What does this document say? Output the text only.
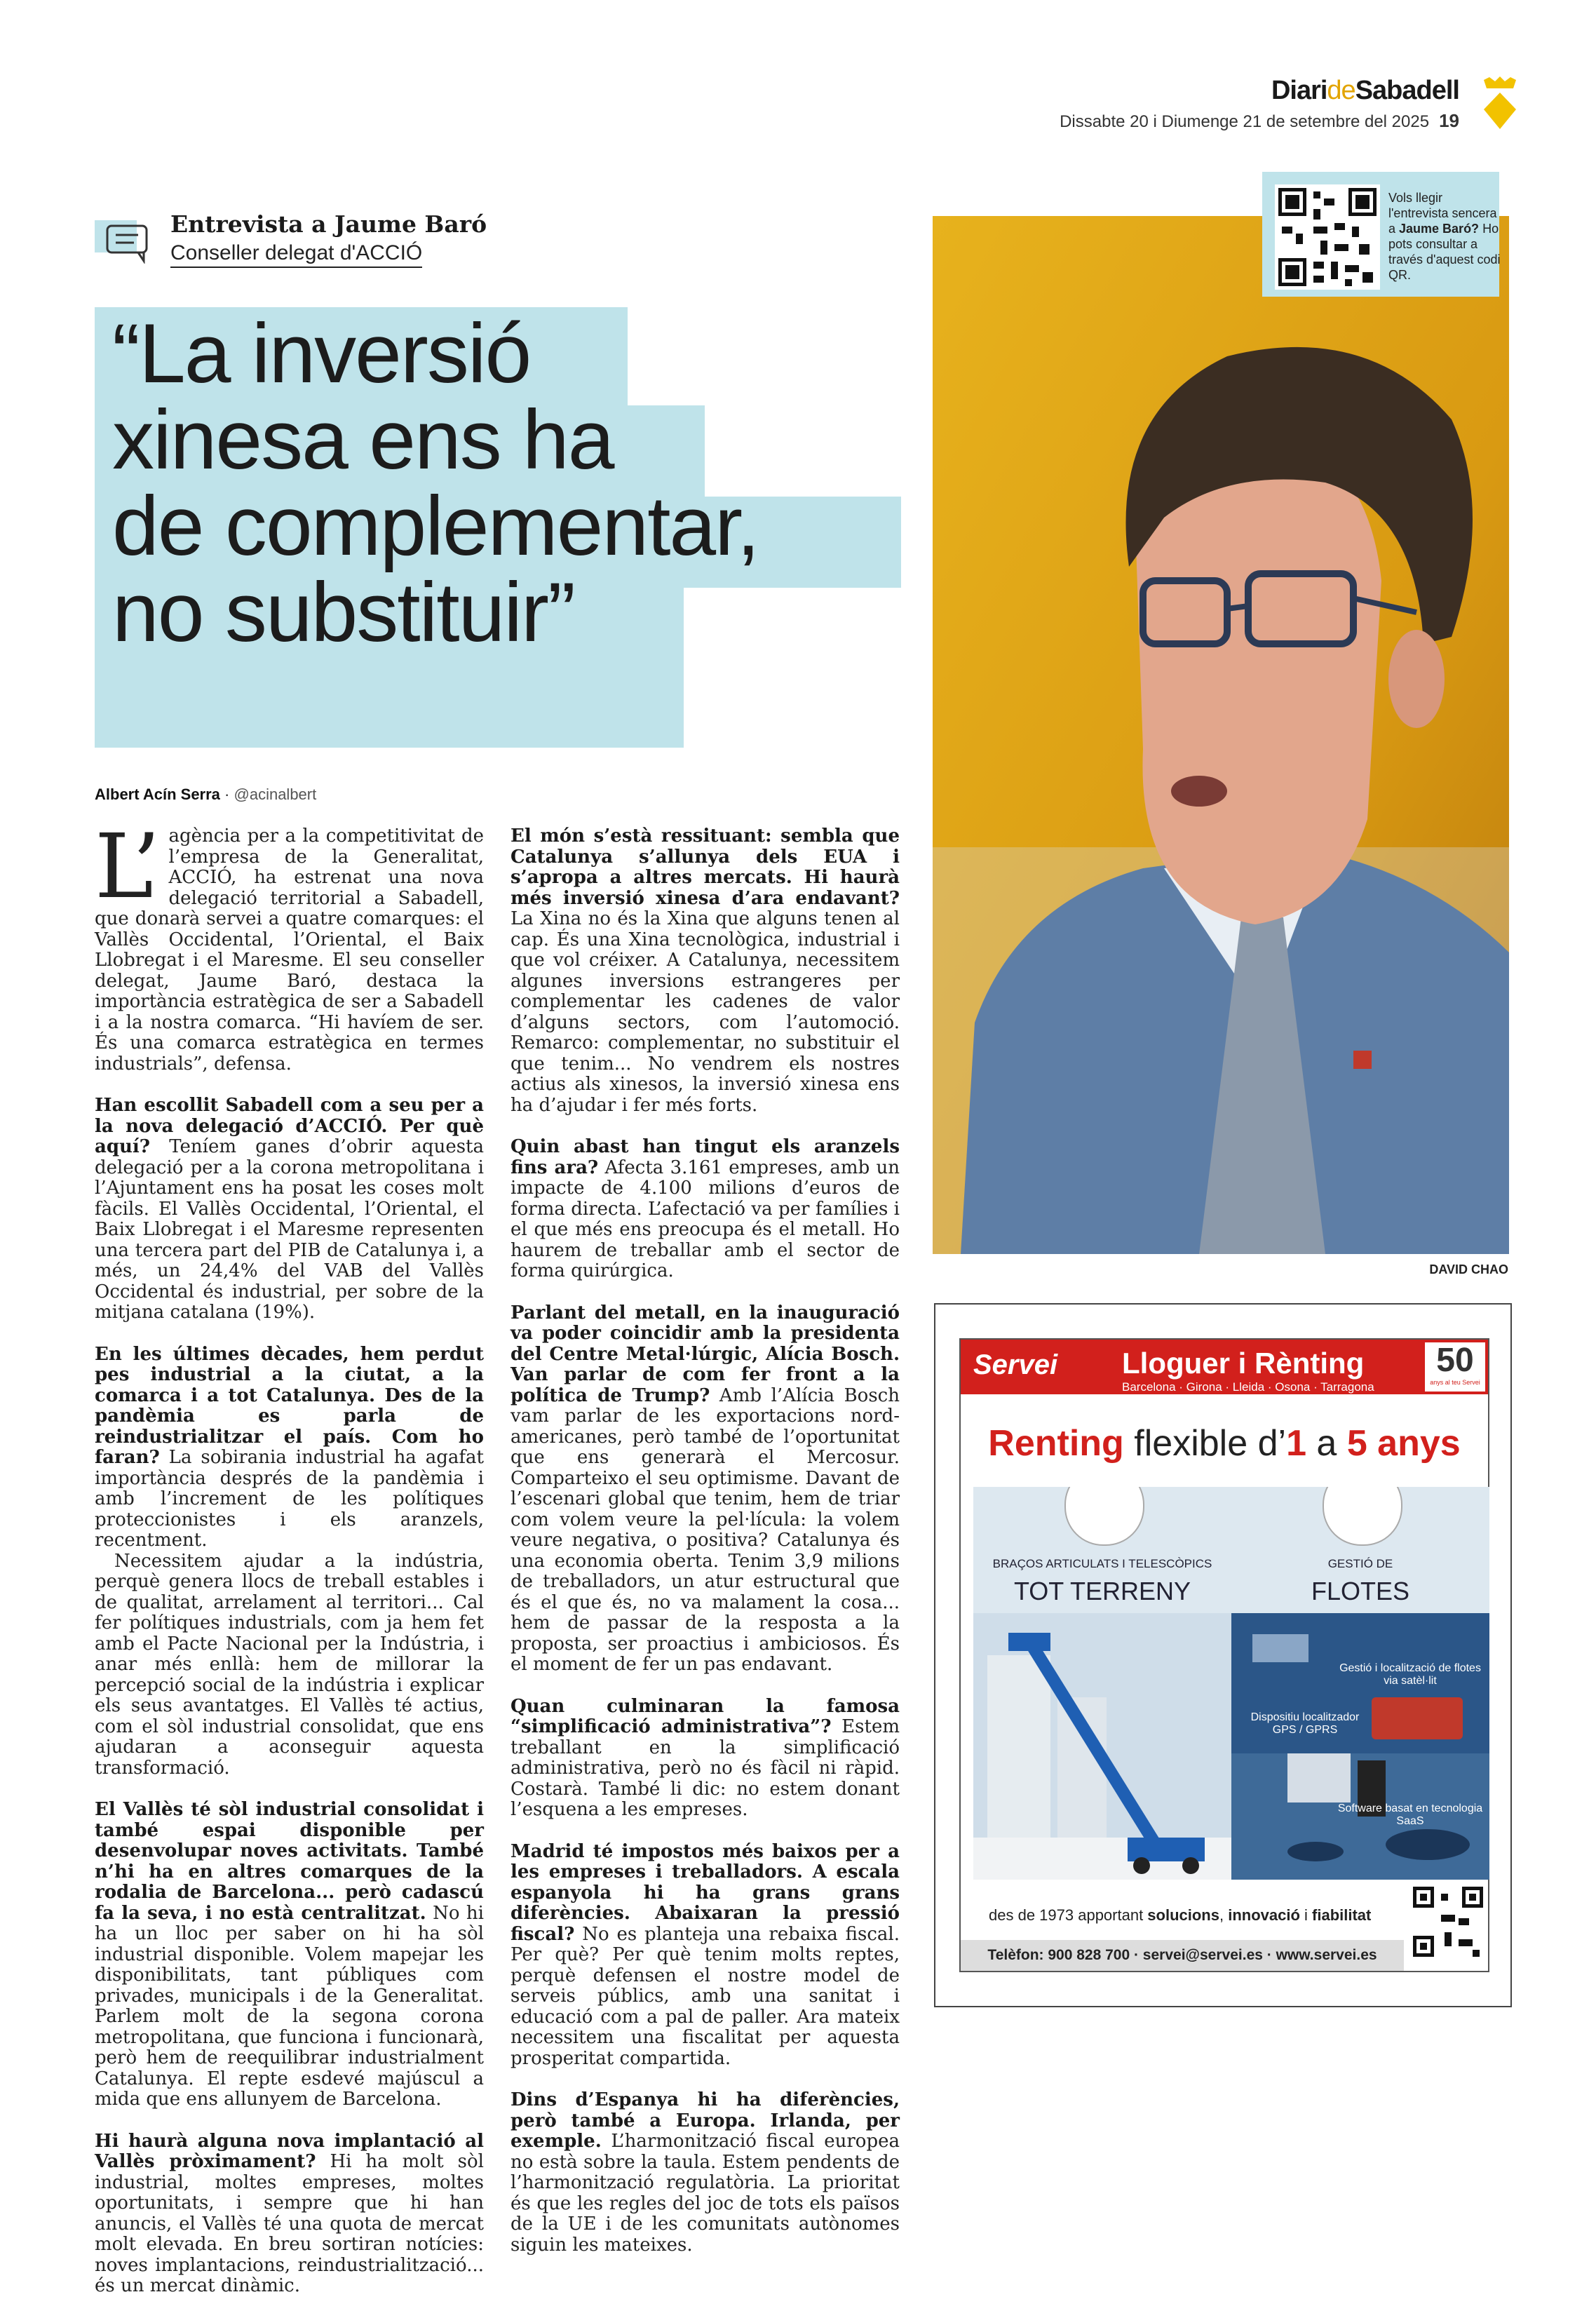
DiarideSabadell
Dissabte 20 i Diumenge 21 de setembre del 2025 19
Entrevista a Jaume Baró
Conseller delegat d'ACCIÓ
“La inversió
xinesa ens ha
de complementar,
no substituir”
Albert Acín Serra · @acinalbert

L’ agència per a la competitivitat de l’empresa de la Generalitat, ACCIÓ, ha estrenat una nova delegació territorial a Sabadell, que donarà servei a quatre comarques: el Vallès Occidental, l’Oriental, el Baix Llobregat i el Maresme. El seu conseller delegat, Jaume Baró, destaca la importància estratègica de ser a Sabadell i a la nostra comarca. “Hi havíem de ser. És una comarca estratègica en termes industrials”, defensa.

Han escollit Sabadell com a seu per a la nova delegació d’ACCIÓ. Per què aquí? Teníem ganes d’obrir aquesta delegació per a la corona metropolitana i l’Ajuntament ens ha posat les coses molt fàcils. El Vallès Occidental, l’Oriental, el Baix Llobregat i el Maresme representen una tercera part del PIB de Catalunya i, a més, un 24,4% del VAB del Vallès Occidental és industrial, per sobre de la mitjana catalana (19%).

En les últimes dècades, hem perdut pes industrial a la ciutat, a la comarca i a tot Catalunya. Des de la pandèmia es parla de reindustrialitzar el país. Com ho faran? La sobirania industrial ha agafat importància després de la pandèmia i amb l’increment de les polítiques proteccionistes i els aranzels, recentment.

Necessitem ajudar a la indústria, perquè genera llocs de treball estables i de qualitat, arrelament al territori... Cal fer polítiques industrials, com ja hem fet amb el Pacte Nacional per la Indústria, i anar més enllà: hem de millorar la percepció social de la indústria i explicar els seus avantatges. El Vallès té actius, com el sòl industrial consolidat, que ens ajudaran a aconseguir aquesta transformació.

El Vallès té sòl industrial consolidat i també espai disponible per desenvolupar noves activitats. També n’hi ha en altres comarques de la rodalia de Barcelona... però cadascú fa la seva, i no està centralitzat. No hi ha un lloc per saber on hi ha sòl industrial disponible. Volem mapejar les disponibilitats, tant públiques com privades, municipals i de la Generalitat. Parlem molt de la segona corona metropolitana, que funciona i funcionarà, però hem de reequilibrar industrialment Catalunya. El repte esdevé majúscul a mida que ens allunyem de Barcelona.

Hi haurà alguna nova implantació al Vallès pròximament? Hi ha molt sòl industrial, moltes empreses, moltes oportunitats, i sempre que hi han anuncis, el Vallès té una quota de mercat molt elevada. En breu sortiran notícies: noves implantacions, reindustrialització... és un mercat dinàmic.

El món s’està ressituant: sembla que Catalunya s’allunya dels EUA i s’apropa a altres mercats. Hi haurà més inversió xinesa d’ara endavant? La Xina no és la Xina que alguns tenen al cap. És una Xina tecnològica, industrial i que vol créixer. A Catalunya, necessitem algunes inversions estrangeres per complementar les cadenes de valor d’alguns sectors, com l’automoció. Remarco: complementar, no substituir el que tenim... No vendrem els nostres actius als xinesos, la inversió xinesa ens ha d’ajudar i fer més forts.

Quin abast han tingut els aranzels fins ara? Afecta 3.161 empreses, amb un impacte de 4.100 milions d’euros de forma directa. L’afectació va per famílies i el que més ens preocupa és el metall. Ho haurem de treballar amb el sector de forma quirúrgica.

Parlant del metall, en la inauguració va poder coincidir amb la presidenta del Centre Metal·lúrgic, Alícia Bosch. Van parlar de com fer front a la política de Trump? Amb l’Alícia Bosch vam parlar de les exportacions nord-americanes, però també de l’oportunitat que ens generarà el Mercosur. Comparteixo el seu optimisme. Davant de l’escenari global que tenim, hem de triar com volem veure la pel·lícula: la volem veure negativa, o positiva? Catalunya és una economia oberta. Tenim 3,9 milions de treballadors, un atur estructural que és el que és, no va malament la cosa... hem de passar de la resposta a la proposta, ser proactius i ambiciosos. És el moment de fer un pas endavant.

Quan culminaran la famosa “simplificació administrativa”? Estem treballant en la simplificació administrativa, però no és fàcil ni ràpid. Costarà. També li dic: no estem donant l’esquena a les empreses.

Madrid té impostos més baixos per a les empreses i treballadors. A escala espanyola hi ha grans grans diferències. Abaixaran la pressió fiscal? No es planteja una rebaixa fiscal. Per què? Per què tenim molts reptes, perquè defensen el nostre model de serveis públics, amb una sanitat i educació com a pal de paller. Ara mateix necessitem una fiscalitat per aquesta prosperitat compartida.

Dins d’Espanya hi ha diferències, però també a Europa. Irlanda, per exemple. L’harmonització fiscal europea no està sobre la taula. Estem pendents de l’harmonització regulatòria. La prioritat és que les regles del joc de tots els països de la UE i de les comunitats autònomes siguin les mateixes.

DAVID CHAO
Vols llegir l'entrevista sencera a Jaume Baró? Ho pots consultar a través d'aquest codi QR.
Servei Lloguer i Rènting
Barcelona · Girona · Lleida · Osona · Tarragona
50
anys al teu Servei
Renting flexible d’1 a 5 anys
BRAÇOS ARTICULATS I TELESCÒPICS
TOT TERRENY
GESTIÓ DE
FLOTES
Gestió i localització de flotes via satèl·lit
Dispositiu localitzador GPS / GPRS
Software basat en tecnologia SaaS
des de 1973 apportant solucions, innovació i fiabilitat
Telèfon: 900 828 700 · servei@servei.es · www.servei.es
